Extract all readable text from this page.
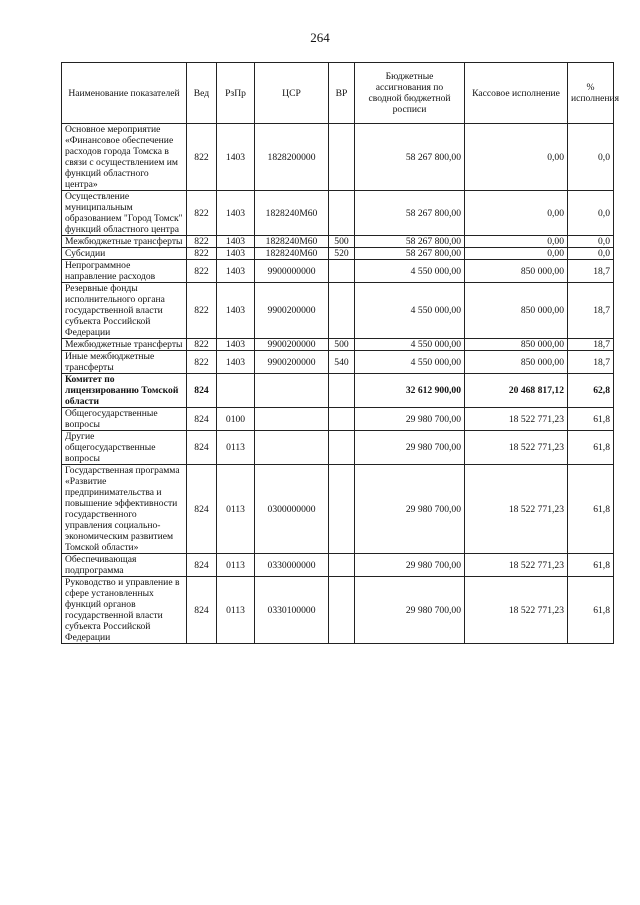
264
Наименование показателей	Вед	РзПр	ЦСР	ВР	Бюджетные ассигнования по сводной бюджетной росписи	Кассовое исполнение	% исполнения
Основное мероприятие «Финансовое обеспечение расходов города Томска в связи с осуществлением им функций областного центра»	822	1403	1828200000		58 267 800,00	0,00	0,0
Осуществление муниципальным образованием "Город Томск" функций областного центра	822	1403	1828240М60		58 267 800,00	0,00	0,0
Межбюджетные трансферты	822	1403	1828240М60	500	58 267 800,00	0,00	0,0
Субсидии	822	1403	1828240М60	520	58 267 800,00	0,00	0,0
Непрограммное направление расходов	822	1403	9900000000		4 550 000,00	850 000,00	18,7
Резервные фонды исполнительного органа государственной власти субъекта Российской Федерации	822	1403	9900200000		4 550 000,00	850 000,00	18,7
Межбюджетные трансферты	822	1403	9900200000	500	4 550 000,00	850 000,00	18,7
Иные межбюджетные трансферты	822	1403	9900200000	540	4 550 000,00	850 000,00	18,7
Комитет по лицензированию Томской области	824				32 612 900,00	20 468 817,12	62,8
Общегосударственные вопросы	824	0100			29 980 700,00	18 522 771,23	61,8
Другие общегосударственные вопросы	824	0113			29 980 700,00	18 522 771,23	61,8
Государственная программа «Развитие предпринимательства и повышение эффективности государственного управления социально-экономическим развитием Томской области»	824	0113	0300000000		29 980 700,00	18 522 771,23	61,8
Обеспечивающая подпрограмма	824	0113	0330000000		29 980 700,00	18 522 771,23	61,8
Руководство и управление в сфере установленных функций органов государственной власти субъекта Российской Федерации	824	0113	0330100000		29 980 700,00	18 522 771,23	61,8
